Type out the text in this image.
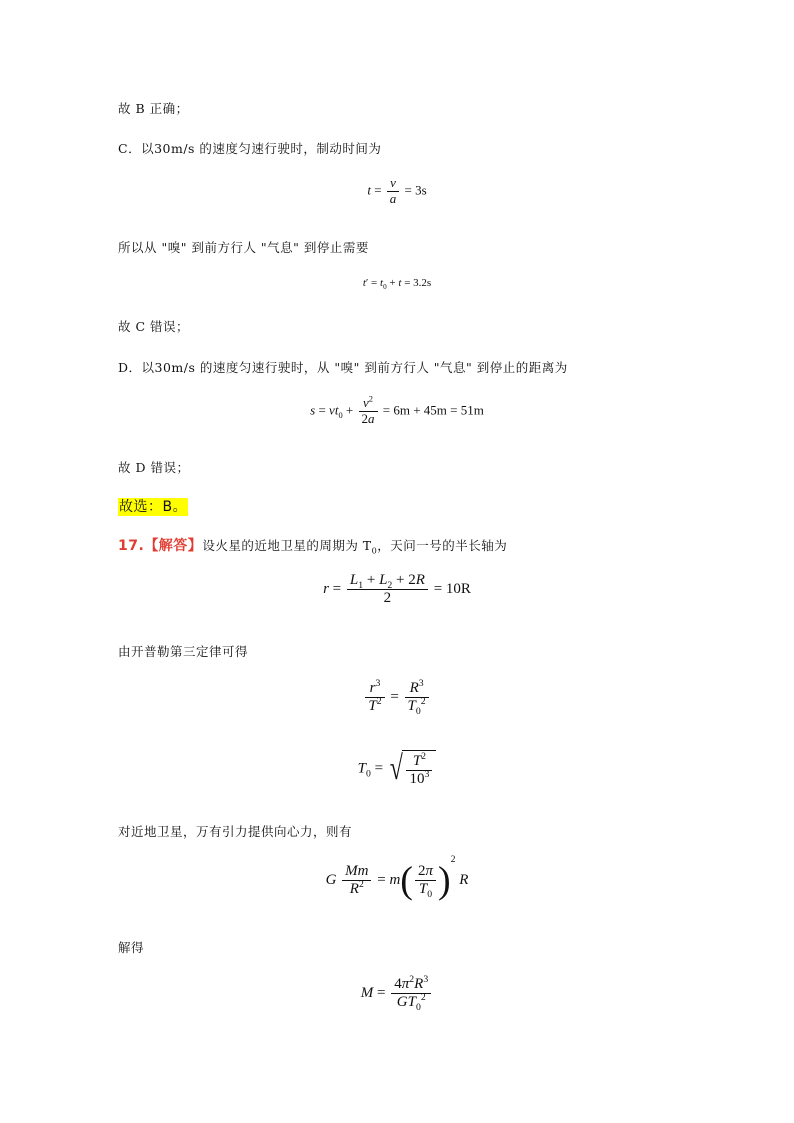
故 B 正确；
C．以30m/s 的速度匀速行驶时，制动时间为
$t = \frac{v}{a} = 3s$
所以从 "嗅" 到前方行人 "气息" 到停止需要
$t' = t_0 + t = 3.2s$
故 C 错误；
D．以30m/s 的速度匀速行驶时，从 "嗅" 到前方行人 "气息" 到停止的距离为
$s = vt_0 + \frac{v^2}{2a} = 6m + 45m = 51m$
故 D 错误；
故选：B。
17.【解答】设火星的近地卫星的周期为 $T_0$，天问一号的半长轴为
$r = \frac{L_1 + L_2 + 2R}{2} = 10R$
由开普勒第三定律可得
$\frac{r^3}{T^2} = \frac{R^3}{T_0^2}$
$T_0$ = √ $\frac{T^2}{10^3}$
对近地卫星，万有引力提供向心力，则有
G $\frac{Mm}{R^2} = m( \frac{2\pi}{T_0} )^2$ R
解得
$M = \frac{4\pi^2R^3}{GT_0^2}$
